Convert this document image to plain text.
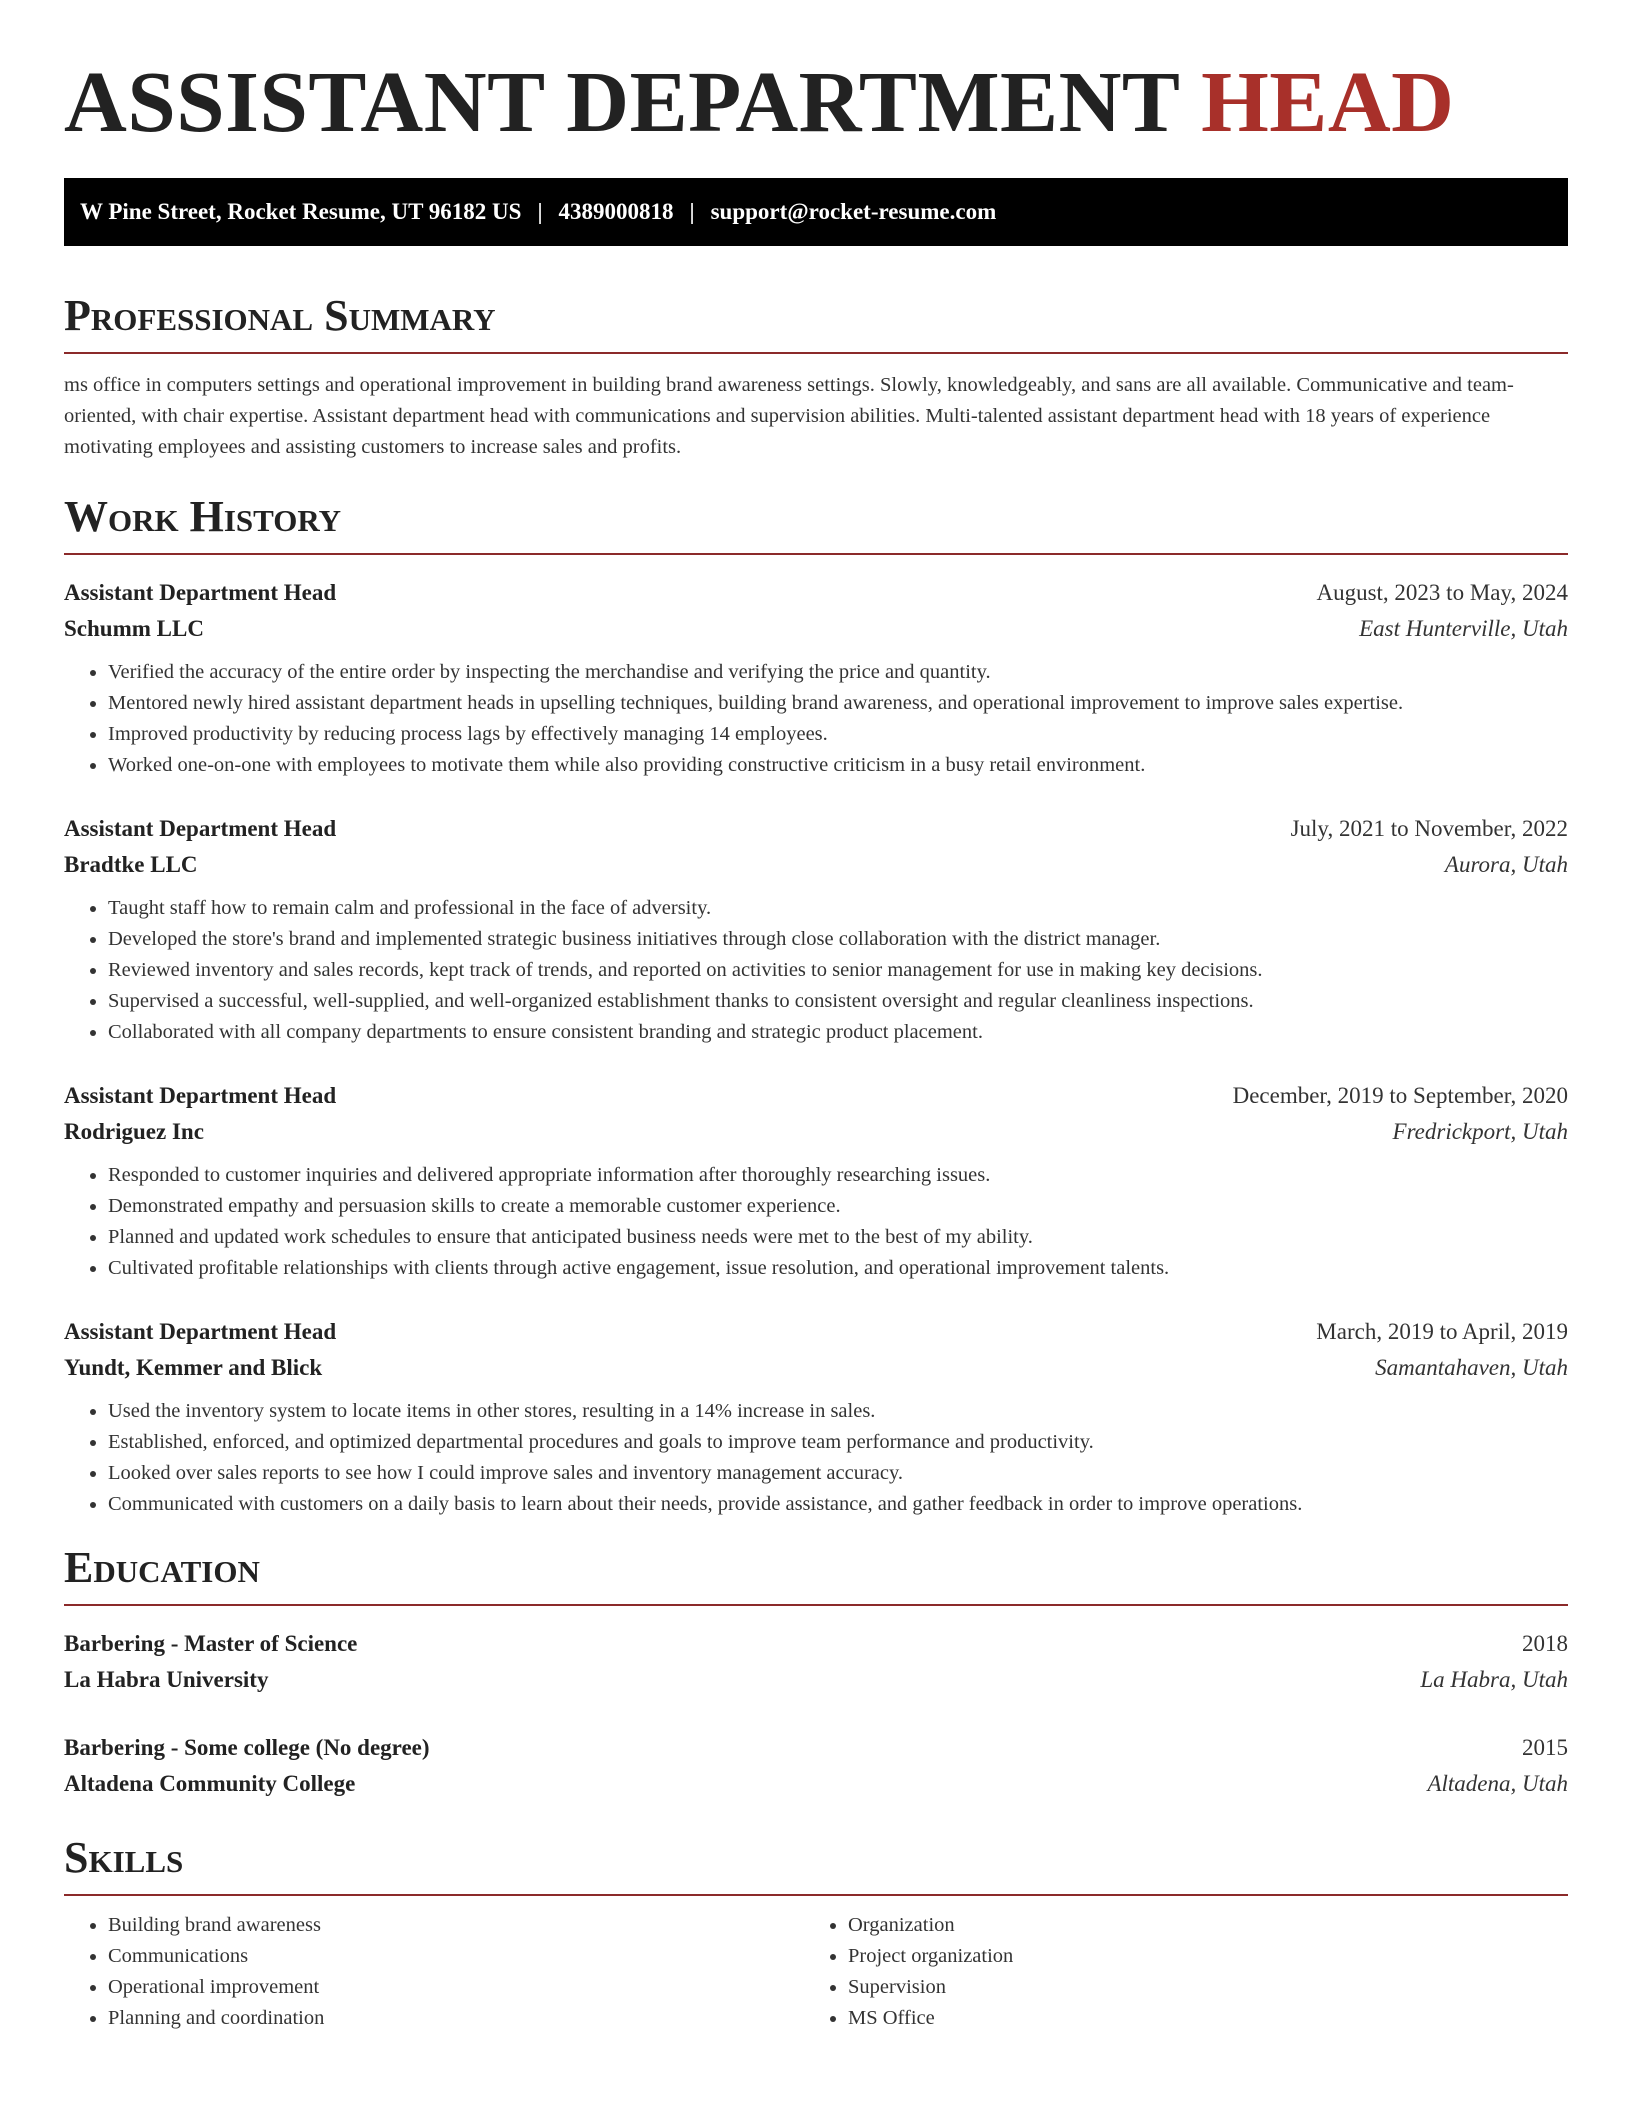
ASSISTANT DEPARTMENT HEAD
W Pine Street, Rocket Resume, UT 96182 US | 4389000818 | support@rocket-resume.com
Professional Summary

ms office in computers settings and operational improvement in building brand awareness settings. Slowly, knowledgeably, and sans are all available. Communicative and team-oriented, with chair expertise. Assistant department head with communications and supervision abilities. Multi-talented assistant department head with 18 years of experience motivating employees and assisting customers to increase sales and profits.

Work History
Assistant Department Head	August, 2023 to May, 2024
Schumm LLC	East Hunterville, Utah
• Verified the accuracy of the entire order by inspecting the merchandise and verifying the price and quantity.
• Mentored newly hired assistant department heads in upselling techniques, building brand awareness, and operational improvement to improve sales expertise.
• Improved productivity by reducing process lags by effectively managing 14 employees.
• Worked one-on-one with employees to motivate them while also providing constructive criticism in a busy retail environment.
Assistant Department Head	July, 2021 to November, 2022
Bradtke LLC	Aurora, Utah
• Taught staff how to remain calm and professional in the face of adversity.
• Developed the store's brand and implemented strategic business initiatives through close collaboration with the district manager.
• Reviewed inventory and sales records, kept track of trends, and reported on activities to senior management for use in making key decisions.
• Supervised a successful, well-supplied, and well-organized establishment thanks to consistent oversight and regular cleanliness inspections.
• Collaborated with all company departments to ensure consistent branding and strategic product placement.
Assistant Department Head	December, 2019 to September, 2020
Rodriguez Inc	Fredrickport, Utah
• Responded to customer inquiries and delivered appropriate information after thoroughly researching issues.
• Demonstrated empathy and persuasion skills to create a memorable customer experience.
• Planned and updated work schedules to ensure that anticipated business needs were met to the best of my ability.
• Cultivated profitable relationships with clients through active engagement, issue resolution, and operational improvement talents.
Assistant Department Head	March, 2019 to April, 2019
Yundt, Kemmer and Blick	Samantahaven, Utah
• Used the inventory system to locate items in other stores, resulting in a 14% increase in sales.
• Established, enforced, and optimized departmental procedures and goals to improve team performance and productivity.
• Looked over sales reports to see how I could improve sales and inventory management accuracy.
• Communicated with customers on a daily basis to learn about their needs, provide assistance, and gather feedback in order to improve operations.
Education
Barbering - Master of Science	2018
La Habra University	La Habra, Utah
Barbering - Some college (No degree)	2015
Altadena Community College	Altadena, Utah
Skills
• Building brand awareness
• Communications
• Operational improvement
• Planning and coordination
• Organization
• Project organization
• Supervision
• MS Office
